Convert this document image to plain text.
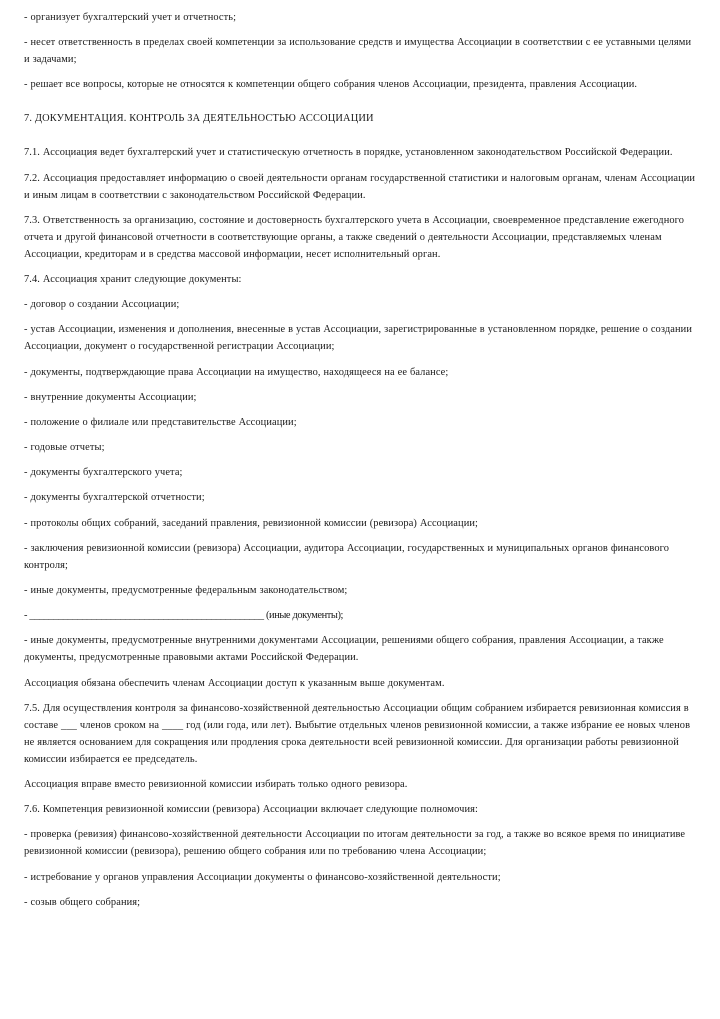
- организует бухгалтерский учет и отчетность;

- несет ответственность в пределах своей компетенции за использование средств и имущества Ассоциации в соответствии с ее уставными целями и задачами;

- решает все вопросы, которые не относятся к компетенции общего собрания членов Ассоциации, президента, правления Ассоциации.

7. ДОКУМЕНТАЦИЯ. КОНТРОЛЬ ЗА ДЕЯТЕЛЬНОСТЬЮ АССОЦИАЦИИ

7.1. Ассоциация ведет бухгалтерский учет и статистическую отчетность в порядке, установленном законодательством Российской Федерации.

7.2. Ассоциация предоставляет информацию о своей деятельности органам государственной статистики и налоговым органам, членам Ассоциации и иным лицам в соответствии с законодательством Российской Федерации.

7.3. Ответственность за организацию, состояние и достоверность бухгалтерского учета в Ассоциации, своевременное представление ежегодного отчета и другой финансовой отчетности в соответствующие органы, а также сведений о деятельности Ассоциации, представляемых членам Ассоциации, кредиторам и в средства массовой информации, несет исполнительный орган.

7.4. Ассоциация хранит следующие документы:

- договор о создании Ассоциации;

- устав Ассоциации, изменения и дополнения, внесенные в устав Ассоциации, зарегистрированные в установленном порядке, решение о создании Ассоциации, документ о государственной регистрации Ассоциации;

- документы, подтверждающие права Ассоциации на имущество, находящееся на ее балансе;

- внутренние документы Ассоциации;

- положение о филиале или представительстве Ассоциации;

- годовые отчеты;

- документы бухгалтерского учета;

- документы бухгалтерской отчетности;

- протоколы общих собраний, заседаний правления, ревизионной комиссии (ревизора) Ассоциации;

- заключения ревизионной комиссии (ревизора) Ассоциации, аудитора Ассоциации, государственных и муниципальных органов финансового контроля;

- иные документы, предусмотренные федеральным законодательством;

- _________________________________________________ (иные документы);

- иные документы, предусмотренные внутренними документами Ассоциации, решениями общего собрания, правления Ассоциации, а также документы, предусмотренные правовыми актами Российской Федерации.

Ассоциация обязана обеспечить членам Ассоциации доступ к указанным выше документам.

7.5. Для осуществления контроля за финансово-хозяйственной деятельностью Ассоциации общим собранием избирается ревизионная комиссия в составе ___ членов сроком на ____ год (или года, или лет). Выбытие отдельных членов ревизионной комиссии, а также избрание ее новых членов не является основанием для сокращения или продления срока деятельности всей ревизионной комиссии. Для организации работы ревизионной комиссии избирается ее председатель.

Ассоциация вправе вместо ревизионной комиссии избирать только одного ревизора.

7.6. Компетенция ревизионной комиссии (ревизора) Ассоциации включает следующие полномочия:

- проверка (ревизия) финансово-хозяйственной деятельности Ассоциации по итогам деятельности за год, а также во всякое время по инициативе ревизионной комиссии (ревизора), решению общего собрания или по требованию члена Ассоциации;

- истребование у органов управления Ассоциации документы о финансово-хозяйственной деятельности;

- созыв общего собрания;
